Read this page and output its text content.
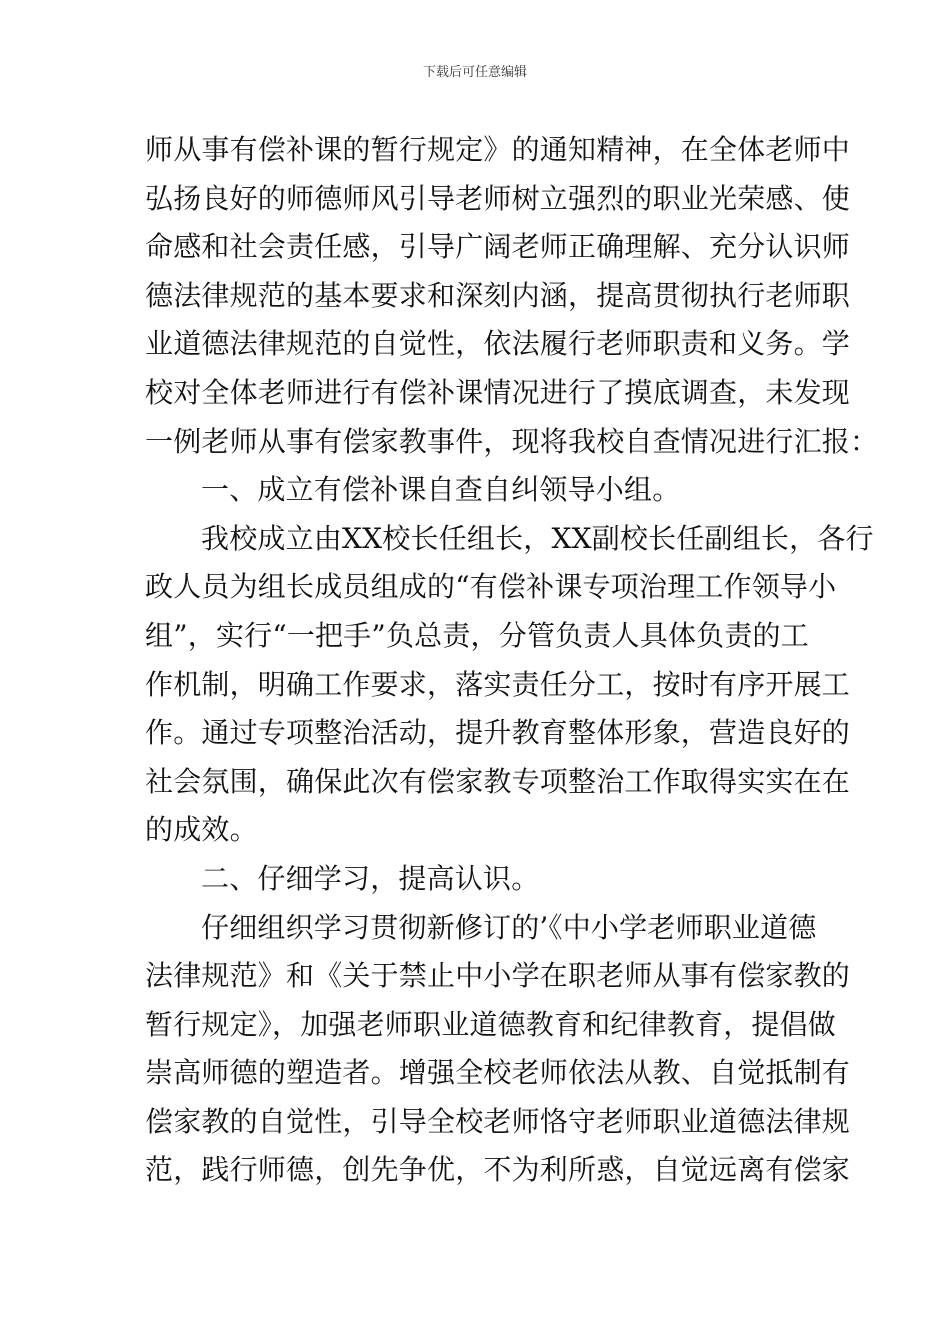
下载后可任意编辑

师从事有偿补课的暂行规定》的通知精神，在全体老师中
弘扬良好的师德师风引导老师树立强烈的职业光荣感、使
命感和社会责任感，引导广阔老师正确理解、充分认识师
德法律规范的基本要求和深刻内涵，提高贯彻执行老师职
业道德法律规范的自觉性，依法履行老师职责和义务。学
校对全体老师进行有偿补课情况进行了摸底调查，未发现
一例老师从事有偿家教事件，现将我校自查情况进行汇报：
一、成立有偿补课自查自纠领导小组。
我校成立由XX校长任组长，XX副校长任副组长，各行
政人员为组长成员组成的“有偿补课专项治理工作领导小
组”，实行“一把手”负总责，分管负责人具体负责的工
作机制，明确工作要求，落实责任分工，按时有序开展工
作。通过专项整治活动，提升教育整体形象，营造良好的
社会氛围，确保此次有偿家教专项整治工作取得实实在在
的成效。
二、仔细学习，提高认识。
仔细组织学习贯彻新修订的’《中小学老师职业道德
法律规范》和《关于禁止中小学在职老师从事有偿家教的
暂行规定》，加强老师职业道德教育和纪律教育，提倡做
崇高师德的塑造者。增强全校老师依法从教、自觉抵制有
偿家教的自觉性，引导全校老师恪守老师职业道德法律规
范，践行师德，创先争优，不为利所惑，自觉远离有偿家
